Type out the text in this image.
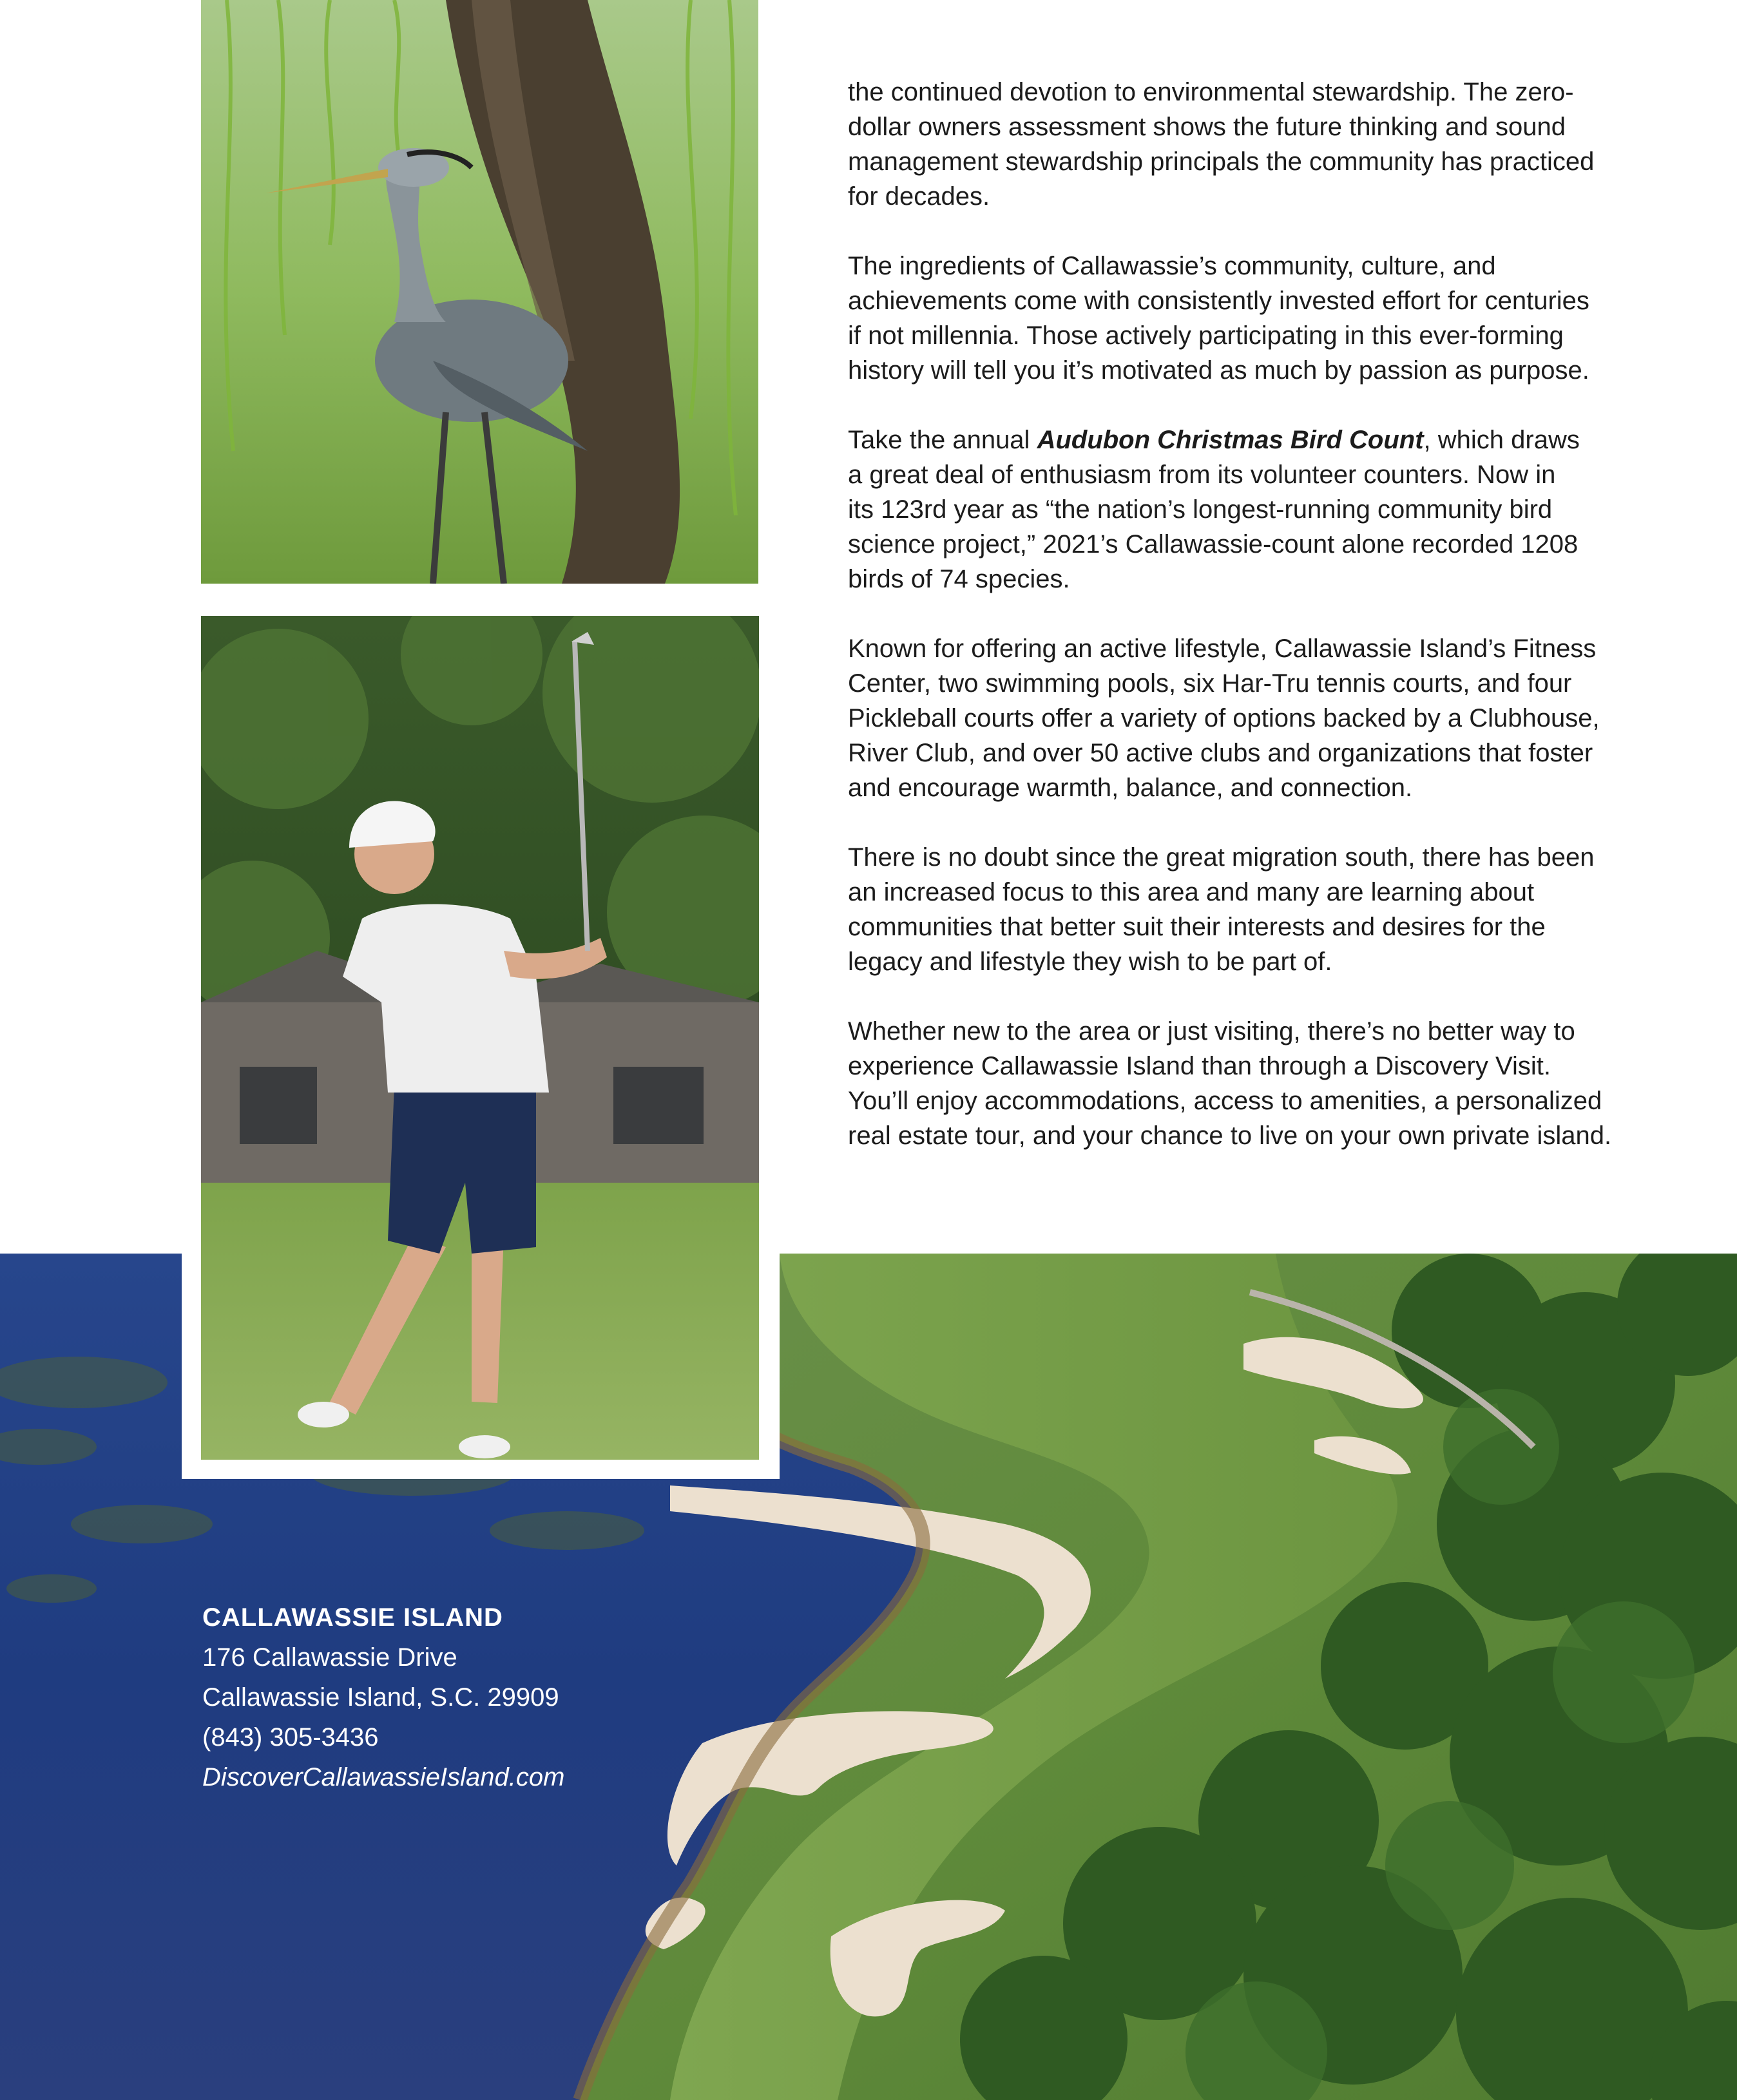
the continued devotion to environmental stewardship. The zero-
dollar owners assessment shows the future thinking and sound
management stewardship principals the community has practiced
for decades.

The ingredients of Callawassie’s community, culture, and
achievements come with consistently invested effort for centuries
if not millennia. Those actively participating in this ever-forming
history will tell you it’s motivated as much by passion as purpose.

Take the annual Audubon Christmas Bird Count, which draws
a great deal of enthusiasm from its volunteer counters. Now in
its 123rd year as “the nation’s longest-running community bird
science project,” 2021’s Callawassie-count alone recorded 1208
birds of 74 species.

Known for offering an active lifestyle, Callawassie Island’s Fitness
Center, two swimming pools, six Har-Tru tennis courts, and four
Pickleball courts offer a variety of options backed by a Clubhouse,
River Club, and over 50 active clubs and organizations that foster
and encourage warmth, balance, and connection.

There is no doubt since the great migration south, there has been
an increased focus to this area and many are learning about
communities that better suit their interests and desires for the
legacy and lifestyle they wish to be part of.

Whether new to the area or just visiting, there’s no better way to
experience Callawassie Island than through a Discovery Visit.
You’ll enjoy accommodations, access to amenities, a personalized
real estate tour, and your chance to live on your own private island.

CALLAWASSIE ISLAND
176 Callawassie Drive
Callawassie Island, S.C. 29909
(843) 305-3436
DiscoverCallawassieIsland.com
